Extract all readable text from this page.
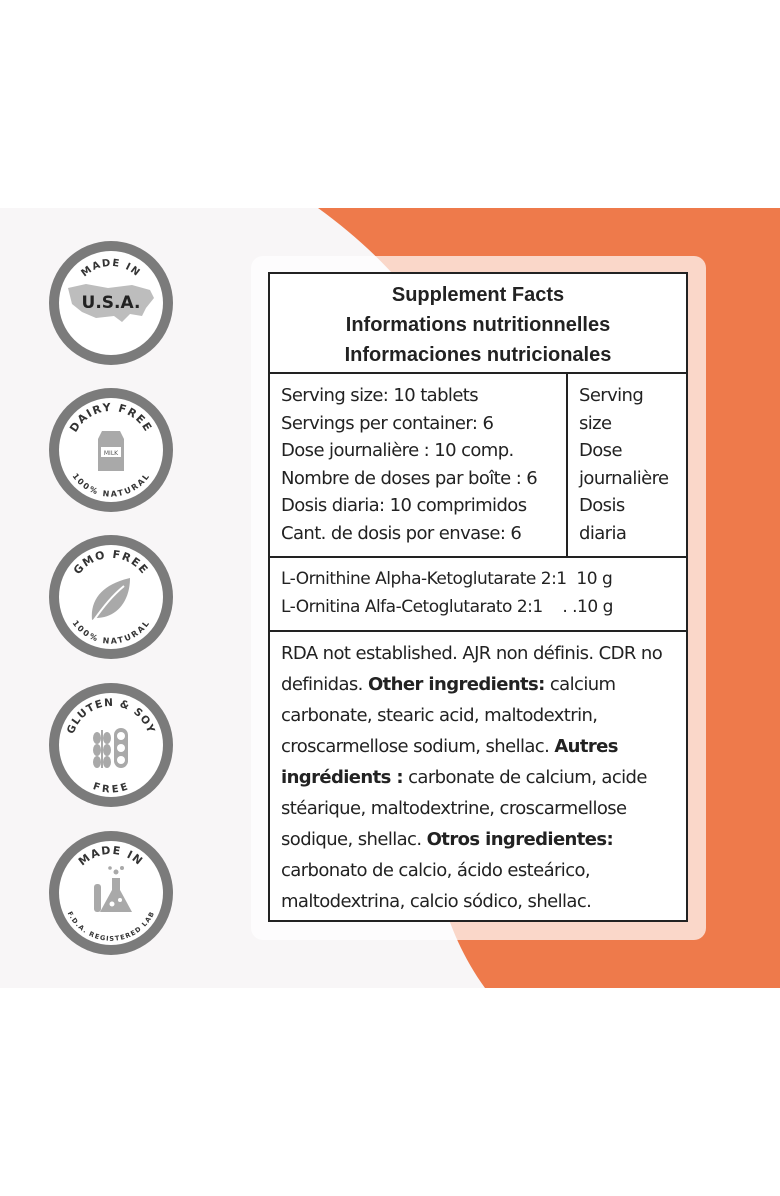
MADE IN
U.S.A.
DAIRY FREE
100% NATURAL
MILK
GMO FREE
100% NATURAL
GLUTEN & SOY
FREE
MADE IN
F.D.A. REGISTERED LAB
Supplement Facts
Informations nutritionnelles
Informaciones nutricionales
Serving size: 10 tablets
Servings per container: 6
Dose journalière : 10 comp.
Nombre de doses par boîte : 6
Dosis diaria: 10 comprimidos
Cant. de dosis por envase: 6
Serving
size
Dose
journalière
Dosis
diaria
L-Ornithine Alpha-Ketoglutarate 2:1  10 g
L-Ornitina Alfa-Cetoglutarato 2:1    . .10 g
RDA not established. AJR non définis. CDR no definidas. Other ingredients: calcium carbonate, stearic acid, maltodextrin, croscarmellose sodium, shellac. Autres ingrédients : carbonate de calcium, acide stéarique, maltodextrine, croscarmellose sodique, shellac. Otros ingredientes: carbonato de calcio, ácido esteárico, maltodextrina, calcio sódico, shellac.
